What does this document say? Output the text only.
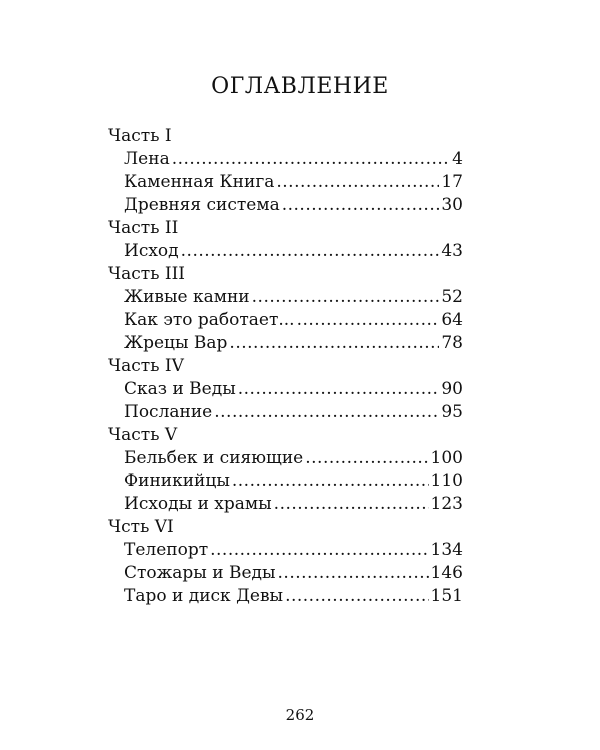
ОГЛАВЛЕНИЕ
Часть I
Лена .....	4
Каменная Книга .....	17
Древняя система .....	30
Часть II
Исход .....	43
Часть III
Живые камни .....	52
Как это работает... .....	64
Жрецы Вар .....	78
Часть IV
Сказ и Веды .....	90
Послание .....	95
Часть V
Бельбек и сияющие .....	100
Финикийцы .....	110
Исходы и храмы .....	123
Чсть VI
Телепорт .....	134
Стожары и Веды .....	146
Таро и диск Девы .....	151
262
